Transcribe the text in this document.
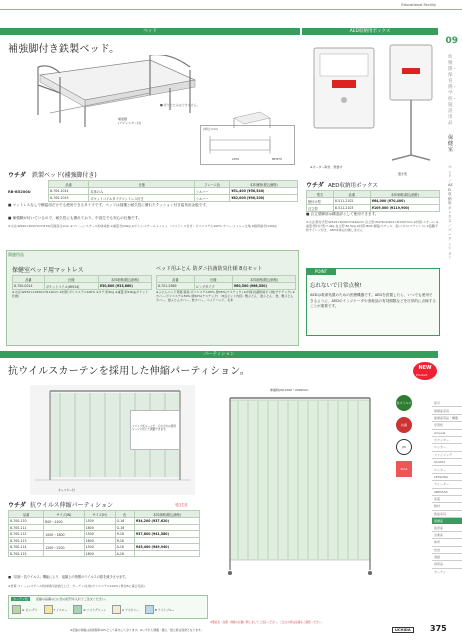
Educational Facility
ベッド
補強脚付き鉄製ベッド。
■ 折りたたみはできません。
補強脚
(アジャスター付)
(単位:mm)
2070	MH470
ウチダ 鉄製ベッド(補強脚付き)
RB-B5200U
品番	仕様	フレーム色	本体価格(税込価格)
8-700-1014	本体のみ	シルバー	¥51,400 (¥56,540)
8-700-1015	ポケットコイルタイプマットレス付き	シルバー	¥82,000 (¥90,200)
■ マットレスなしで横寝用だけでも使用できるタイプです。ベッドは抽選と耐久性に優れたクッション付き寝具用金板です。
■ 補強脚が付いているので、耐久性にも優れており、中高生でも安心の仕様です。
※寸法:W920×D2070×H470(床面高さ)mm ※フレーム:スチール粉体塗装 ※重量:約29kg ※ボトム:スチールメッシュ 〈マットレス付き〉ポリエステル100% カバー:メッシュ生地 ※耐荷重:約120kg
関連用品
保健室ベッド用マットレス
品番	仕様	本体価格(税込価格)
8-700-0014	ポケットコイル(W914)	¥30,600 (¥33,660)
※寸法:W970×L1950×H110mm ※材質:ポリエステル100% ※タテ:約1kg ※重量:約10kg(ポケット仕様)
ベッド用ふとん 防ダニ抗菌防臭仕様 8点セット
品番	仕様	本体価格(税込価格)
8-701-2669	ロングタイプ	¥60,500 (¥66,550)
※ふとんベッド用寝:寝具:ポリエステル65% 綿35%(ナステック) ※中綿:抗菌防臭ポリ綿(サナテック) ※カバー:ポリエステル50% 綿50%(ナステック) 〈8点セット内容〉敷ぶとん、掛ふとん、枕、敷ぶとんカバー、掛ふとんカバー、枕カバー、ベッドパッド、毛布
AED収納用ボックス
※オーダー取付、壁掛け
置き型
ウチダ AED収納用ボックス
型式	品番	本体価格(税込価格)
壁付け型	8-511-2102	¥64,000 (¥70,400)
自立型	8-511-2103	¥109,000 (¥119,900)
■ 自立型脚部は構造部として使用できます。
※寸法:壁付け型:W416×D200×H440mm 自立型:W476×D401×H1347mm ※材質:スチール ※重量:壁付け型:7.4kg 自立型:30.5kg ※材質:BOX:樹脂(スチール、窓)パネル(ステンレス) ※盗難予防サイレン付き、AED本体は付属しません
POINT
忘れないで日常点検!
AEDは救命処置のための医療機器です。AEDを設置したら、いつでも使用できるように、AEDのインジケータや消耗品の有効期限などを日常的に点検することが重要です。
パーティション
抗ウイルスカーテンを採用した伸縮パーティション。
フリップ式ルームで、それぞれの使用シーンに応じて調節できます。
キャスター付
伸縮時(W)1200〜2200mm
NEW
Product
抗ウイルス
抗菌
JIS
SIAA
ウチダ 抗ウイルス伸縮パーティション	受注生産
品番	サイズ(W)	サイズ(H)	色	本体価格(税込価格)
8-700-110	800〜1400	1500	G-16	¥34,200 (¥37,620)
8-700-111		1800	G-16	
8-700-112	1000〜1800	1500	R-16	¥37,800 (¥41,580)
8-700-113		1800	R-16	
8-700-114	1200〜2200	1500	A-16	¥45,400 (¥49,940)
8-700-115		1800	A-16	
■「抗菌・抗ウイルス」機能により、組織上の特徴のウイルスの数を減少させます。
※材質:フレーム/スチール粉体焼付塗装仕上げ、カーテン/生地/ポリエステル100% (再生Bに適合可能)
カーテン色	記載の品番の□に色の記号を入れてご注文ください。
G ピン-グリ	Y イエロー	R ソフトグリーン	A アイボリー	B ライトブルー
09
幼稚園・保育園・学校・施設用品
保健室
ベッド／AED収納用ボックス／パーティション
索引
保健室家具
保健室用品・機器
学習机
Amenia
カウンター
ロッカー
ファイリング
SCADIA
ロッカー
LESSONA
ウォーター
ABESTAR
家電
教材
教室家具
保健室
図書室
音楽室
体育
給食
清掃
庭用品
カーテン
※製品名・品番・価格の記載に関しましてご注意ください。ご注文の際は品番をご確認ください。
※記載の価格は消費税率10%として算出しております。※いずれも運搬・搬入・組立費は別途となります。	UCHIDA	375
